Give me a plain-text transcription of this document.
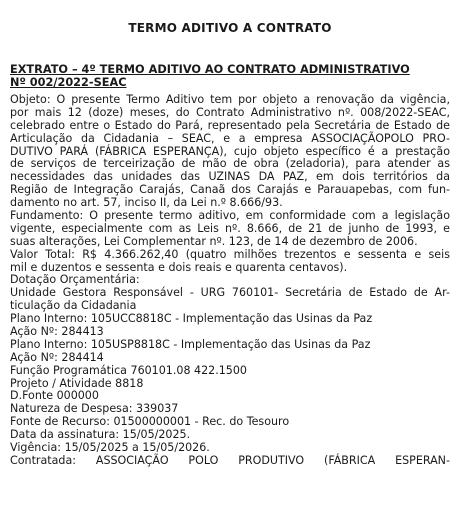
TERMO ADITIVO A CONTRATO
EXTRATO – 4º TERMO ADITIVO AO CONTRATO ADMINISTRATIVO
Nº 002/2022-SEAC
Objeto: O presente Termo Aditivo tem por objeto a renovação da vigência,
por mais 12 (doze) meses, do Contrato Administrativo nº. 008/2022-SEAC,
celebrado entre o Estado do Pará, representado pela Secretária de Estado de
Articulação da Cidadania – SEAC, e a empresa ASSOCIAÇÃOPOLO PRO-
DUTIVO PARÁ (FÁBRICA ESPERANÇA), cujo objeto específico é a prestação
de serviços de terceirização de mão de obra (zeladoria), para atender as
necessidades das unidades das UZINAS DA PAZ, em dois territórios da
Região de Integração Carajás, Canaã dos Carajás e Parauapebas, com fun-
damento no art. 57, inciso II, da Lei n.º 8.666/93.
Fundamento: O presente termo aditivo, em conformidade com a legislação
vigente, especialmente com as Leis nº. 8.666, de 21 de junho de 1993, e
suas alterações, Lei Complementar nº. 123, de 14 de dezembro de 2006.
Valor Total: R$ 4.366.262,40 (quatro milhões trezentos e sessenta e seis
mil e duzentos e sessenta e dois reais e quarenta centavos).
Dotação Orçamentária:
Unidade Gestora Responsável - URG 760101- Secretária de Estado de Ar-
ticulação da Cidadania
Plano Interno: 105UCC8818C - Implementação das Usinas da Paz
Ação Nº: 284413
Plano Interno: 105USP8818C - Implementação das Usinas da Paz
Ação Nº: 284414
Função Programática 760101.08 422.1500
Projeto / Atividade 8818
D.Fonte 000000
Natureza de Despesa: 339037
Fonte de Recurso: 01500000001 - Rec. do Tesouro
Data da assinatura: 15/05/2025.
Vigência: 15/05/2025 a 15/05/2026.
Contratada: ASSOCIAÇÃO POLO PRODUTIVO (FÁBRICA ESPERAN-
